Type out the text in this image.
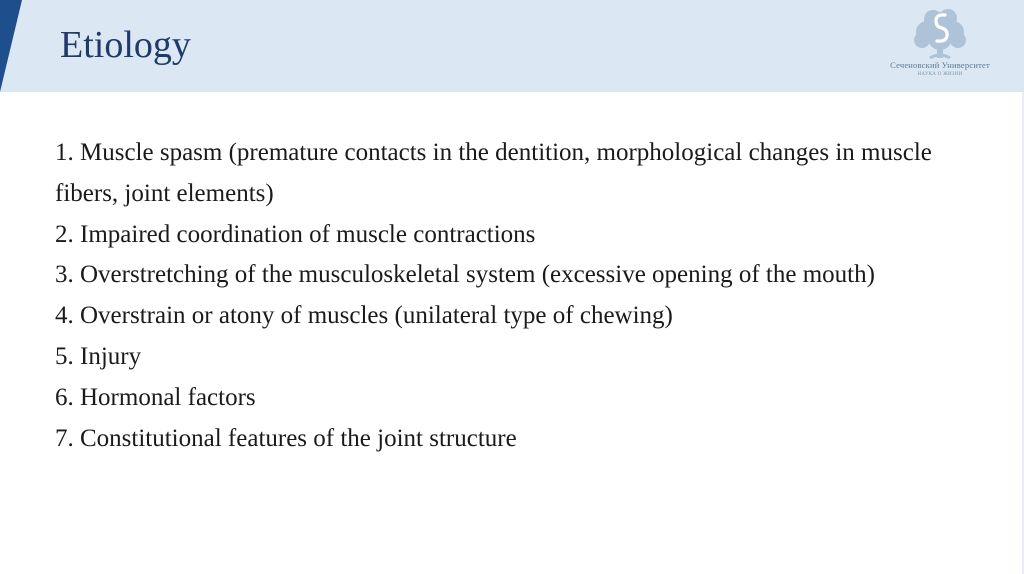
Etiology	Сеченовский Университет
НАУКА О ЖИЗНИ
1. Muscle spasm (premature contacts in the dentition, morphological changes in muscle fibers, joint elements)
2. Impaired coordination of muscle contractions
3. Overstretching of the musculoskeletal system (excessive opening of the mouth)
4. Overstrain or atony of muscles (unilateral type of chewing)
5. Injury
6. Hormonal factors
7. Constitutional features of the joint structure
